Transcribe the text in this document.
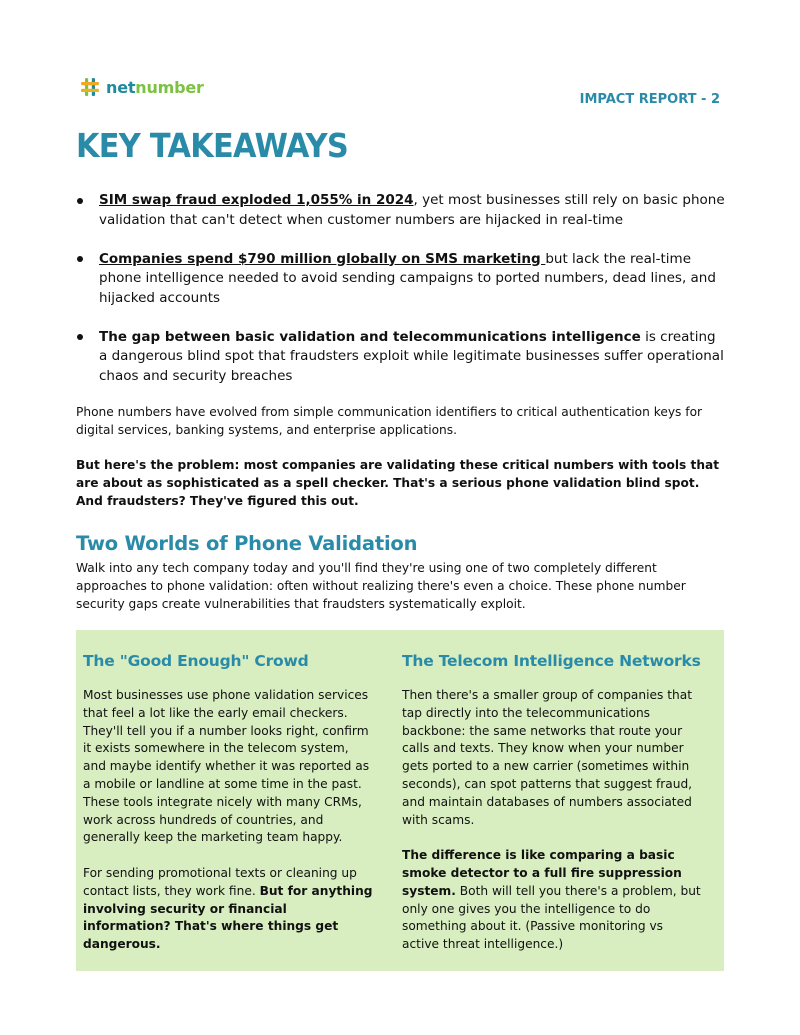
netnumber
IMPACT REPORT - 2
KEY TAKEAWAYS
SIM swap fraud exploded 1,055% in 2024, yet most businesses still rely on basic phone validation that can't detect when customer numbers are hijacked in real-time
Companies spend $790 million globally on SMS marketing but lack the real-time phone intelligence needed to avoid sending campaigns to ported numbers, dead lines, and hijacked accounts
The gap between basic validation and telecommunications intelligence is creating a dangerous blind spot that fraudsters exploit while legitimate businesses suffer operational chaos and security breaches

Phone numbers have evolved from simple communication identifiers to critical authentication keys for digital services, banking systems, and enterprise applications.

But here's the problem: most companies are validating these critical numbers with tools that are about as sophisticated as a spell checker. That's a serious phone validation blind spot. And fraudsters? They've figured this out.

Two Worlds of Phone Validation

Walk into any tech company today and you'll find they're using one of two completely different approaches to phone validation: often without realizing there's even a choice. These phone number security gaps create vulnerabilities that fraudsters systematically exploit.

The "Good Enough" Crowd

Most businesses use phone validation services that feel a lot like the early email checkers. They'll tell you if a number looks right, confirm it exists somewhere in the telecom system, and maybe identify whether it was reported as a mobile or landline at some time in the past. These tools integrate nicely with many CRMs, work across hundreds of countries, and generally keep the marketing team happy.

For sending promotional texts or cleaning up contact lists, they work fine. But for anything involving security or financial information? That's where things get dangerous.

The Telecom Intelligence Networks

Then there's a smaller group of companies that tap directly into the telecommunications backbone: the same networks that route your calls and texts. They know when your number gets ported to a new carrier (sometimes within seconds), can spot patterns that suggest fraud, and maintain databases of numbers associated with scams.

The difference is like comparing a basic smoke detector to a full fire suppression system. Both will tell you there's a problem, but only one gives you the intelligence to do something about it. (Passive monitoring vs active threat intelligence.)
